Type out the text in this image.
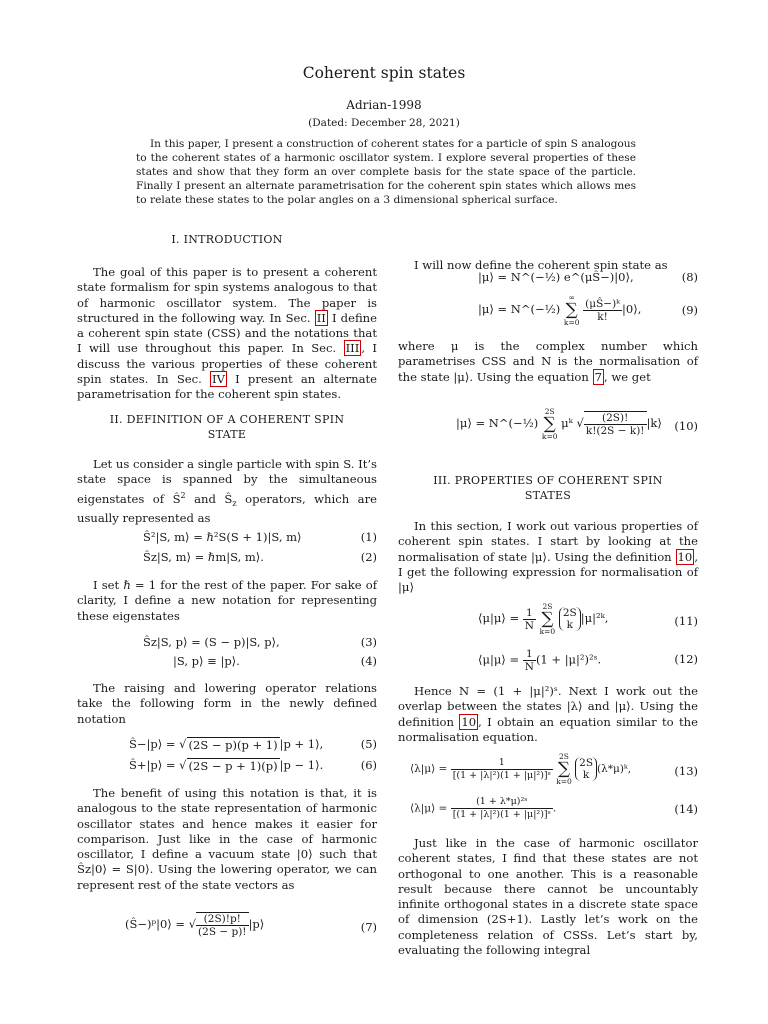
Coherent spin states
Adrian-1998
(Dated: December 28, 2021)
In this paper, I present a construction of coherent states for a particle of spin S analogous to the coherent states of a harmonic oscillator system. I explore several properties of these states and show that they form an over complete basis for the state space of the particle. Finally I present an alternate parametrisation for the coherent spin states which allows mes to relate these states to the polar angles on a 3 dimensional spherical surface.
I. INTRODUCTION

The goal of this paper is to present a coherent state formalism for spin systems analogous to that of harmonic oscillator system. The paper is structured in the following way. In Sec. II I define a coherent spin state (CSS) and the notations that I will use throughout this paper. In Sec. III , I discuss the various properties of these coherent spin states. In Sec. IV I present an alternate parametrisation for the coherent spin states.

II. DEFINITION OF A COHERENT SPIN
STATE

Let us consider a single particle with spin S. It’s state space is spanned by the simultaneous eigenstates of $Ŝ^2$ and $Ŝ_z$ operators, which are usually represented as

Ŝ²|S, m⟩ = ℏ²S(S + 1)|S, m⟩	(1)
Ŝz|S, m⟩ = ℏm|S, m⟩.	(2)

I set ℏ = 1 for the rest of the paper. For sake of clarity, I define a new notation for representing these eigenstates

Ŝz|S, p⟩ = (S − p)|S, p⟩,	(3)
|S, p⟩ ≡ |p⟩.	(4)

The raising and lowering operator relations take the following form in the newly defined notation

Ŝ−|p⟩ = √ (2S − p)(p + 1) |p + 1⟩,	(5)
Ŝ+|p⟩ = √ (2S − p + 1)(p) |p − 1⟩.	(6)

The benefit of using this notation is that, it is analogous to the state representation of harmonic oscillator states and hence makes it easier for comparison. Just like in the case of harmonic oscillator, I define a vacuum state |0⟩ such that Ŝz|0⟩ = S|0⟩. Using the lowering operator, we can represent rest of the state vectors as

(Ŝ−)ᵖ|0⟩ = √ $\frac{(2S)!p!}{(2S - p)!}$ |p⟩	(7)

I will now define the coherent spin state as

|μ⟩ = N^(−½) e^(μŜ−)|0⟩,	(8)
|μ⟩ = N^(−½)
∞
∑
k=0
$\frac{\text{(μŜ−)ᵏ}}{k!}$ |0⟩,	(9)

where μ is the complex number which parametrises CSS and N is the normalisation of the state |μ⟩. Using the equation 7 , we get

|μ⟩ = N^(−½)
2S
∑
k=0
μᵏ √ $\frac{(2S)!}{k!(2S - k)!}$ |k⟩ (10)
III. PROPERTIES OF COHERENT SPIN
STATES

In this section, I work out various properties of coherent spin states. I start by looking at the normalisation of state |μ⟩. Using the definition 10 , I get the following expression for normalisation of |μ⟩

⟨μ|μ⟩ = $\frac{1}{N}$
2S
∑
k=0

2S
k |μ|²ᵏ,	(11)
⟨μ|μ⟩ = $\frac{1}{N} (1$ + |μ|²)²ˢ.	(12)

Hence N = (1 + |μ|²)ˢ. Next I work out the overlap between the states |λ⟩ and |μ⟩. Using the definition 10 , I obtain an equation similar to the normalisation equation.

⟨λ|μ⟩ = $\frac{1}{\text{[(1 + |λ|²)(1 + |μ|²)]ˢ}}$
2S
∑
k=0

2S
k (λ*μ)ᵏ,	(13)
⟨λ|μ⟩ = $\frac{\text{(1 + λ*μ)²ˢ}}{\text{[(1 + |λ|²)(1 + |μ|²)]ˢ}}$ .	(14)

Just like in the case of harmonic oscillator coherent states, I find that these states are not orthogonal to one another. This is a reasonable result because there cannot be uncountably infinite orthogonal states in a discrete state space of dimension (2S+1). Lastly let’s work on the completeness relation of CSSs. Let’s start by, evaluating the following integral
